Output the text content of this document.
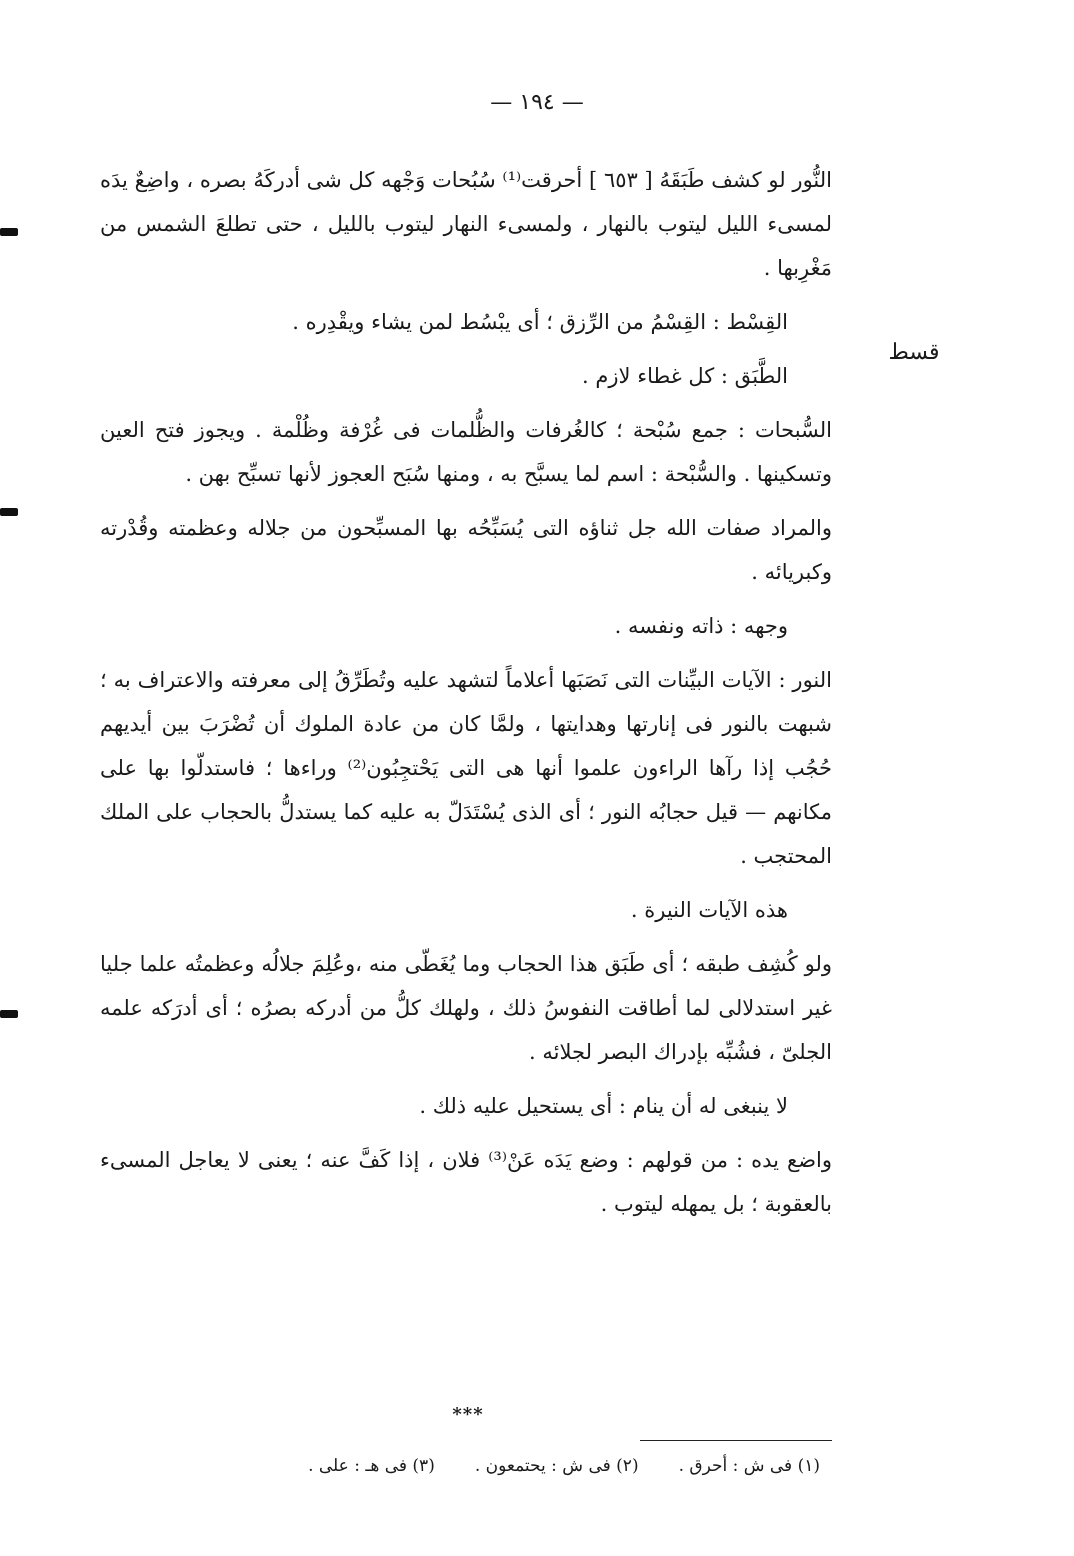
— ١٩٤ —
قسط

النُّور لو كشف طَبَقَهُ [ ٦٥٣ ] أحرقت⁽¹⁾ سُبُحات وَجْهه كل شى أدركَهُ بصره ، واضِعٌ يدَه لمسىء الليل ليتوب بالنهار ، ولمسىء النهار ليتوب بالليل ، حتى تطلعَ الشمس من مَغْرِبها .

القِسْط : القِسْمُ من الرِّزق ؛ أى يبْسُط لمن يشاء ويقْدِره .

الطَّبَق : كل غطاء لازم .

السُّبحات : جمع سُبْحة ؛ كالغُرفات والظُّلمات فى غُرْفة وظُلْمة . ويجوز فتح العين وتسكينها . والسُّبْحة : اسم لما يسبَّح به ، ومنها سُبَح العجوز لأنها تسبِّح بهن .

والمراد صفات الله جل ثناؤه التى يُسَبِّحُه بها المسبِّحون من جلاله وعظمته وقُدْرته وكبريائه .

وجهه : ذاته ونفسه .

النور : الآيات البيِّنات التى نَصَبَها أعلاماً لتشهد عليه وتُطَرِّقُ إلى معرفته والاعتراف به ؛ شبهت بالنور فى إنارتها وهدايتها ، ولمَّا كان من عادة الملوك أن تُضْرَبَ بين أيديهم حُجُب إذا رآها الراءون علموا أنها هى التى يَحْتجِبُون⁽²⁾ وراءها ؛ فاستدلّوا بها على مكانهم — قيل حجابُه النور ؛ أى الذى يُسْتَدَلّ به عليه كما يستدلُّ بالحجاب على الملك المحتجب .

هذه الآيات النيرة .

ولو كُشِف طبقه ؛ أى طَبَق هذا الحجاب وما يُغَطّى منه ،وعُلِمَ جلالُه وعظمتُه علما جليا غير استدلالى لما أطاقت النفوسُ ذلك ، ولهلك كلُّ من أدركه بصرُه ؛ أى أدرَكه علمه الجلىّ ، فشُبِّه بإدراك البصر لجلائه .

لا ينبغى له أن ينام : أى يستحيل عليه ذلك .

واضع يده : من قولهم : وضع يَدَه عَنْ⁽³⁾ فلان ، إذا كَفَّ عنه ؛ يعنى لا يعاجل المسىء بالعقوبة ؛ بل يمهله ليتوب .

***
(١) فى ش : أحرق .
(٢) فى ش : يحتمعون .
(٣) فى هـ : على .
